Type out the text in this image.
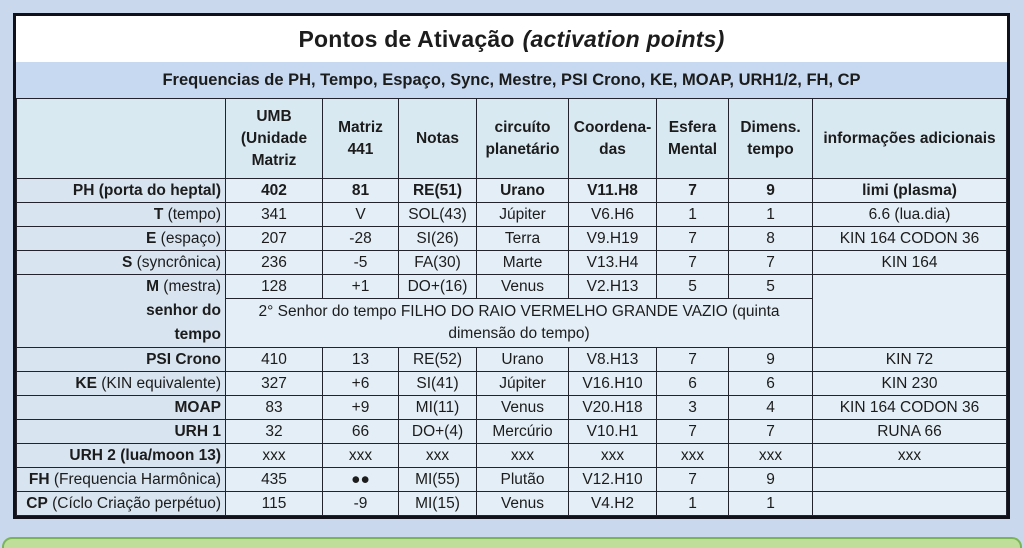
Pontos de Ativação (activation points)
Frequencias de PH, Tempo, Espaço, Sync, Mestre, PSI Crono, KE, MOAP, URH1/2, FH, CP
	UMB (Unidade Matriz	Matriz 441	Notas	circuíto planetário	Coordena- das	Esfera Mental	Dimens. tempo	informações adicionais
PH (porta do heptal)	402	81	RE(51)	Urano	V11.H8	7	9	limi (plasma)
T (tempo)	341	V	SOL(43)	Júpiter	V6.H6	1	1	6.6 (lua.dia)
E (espaço)	207	-28	SI(26)	Terra	V9.H19	7	8	KIN 164 CODON 36
S (syncrônica)	236	-5	FA(30)	Marte	V13.H4	7	7	KIN 164

M (mestra)
senhor do tempo	128	+1	DO+(16)	Venus	V2.H13	5	5	
	2° Senhor do tempo FILHO DO RAIO VERMELHO GRANDE VAZIO (quinta dimensão do tempo)							
PSI Crono	410	13	RE(52)	Urano	V8.H13	7	9	KIN 72
KE (KIN equivalente)	327	+6	SI(41)	Júpiter	V16.H10	6	6	KIN 230
MOAP	83	+9	MI(11)	Venus	V20.H18	3	4	KIN 164 CODON 36
URH 1	32	66	DO+(4)	Mercúrio	V10.H1	7	7	RUNA 66
URH 2 (lua/moon 13)	xxx	xxx	xxx	xxx	xxx	xxx	xxx	xxx
FH (Frequencia Harmônica)	435	●●	MI(55)	Plutão	V12.H10	7	9	
CP (Cíclo Criação perpétuo)	115	-9	MI(15)	Venus	V4.H2	1	1	
